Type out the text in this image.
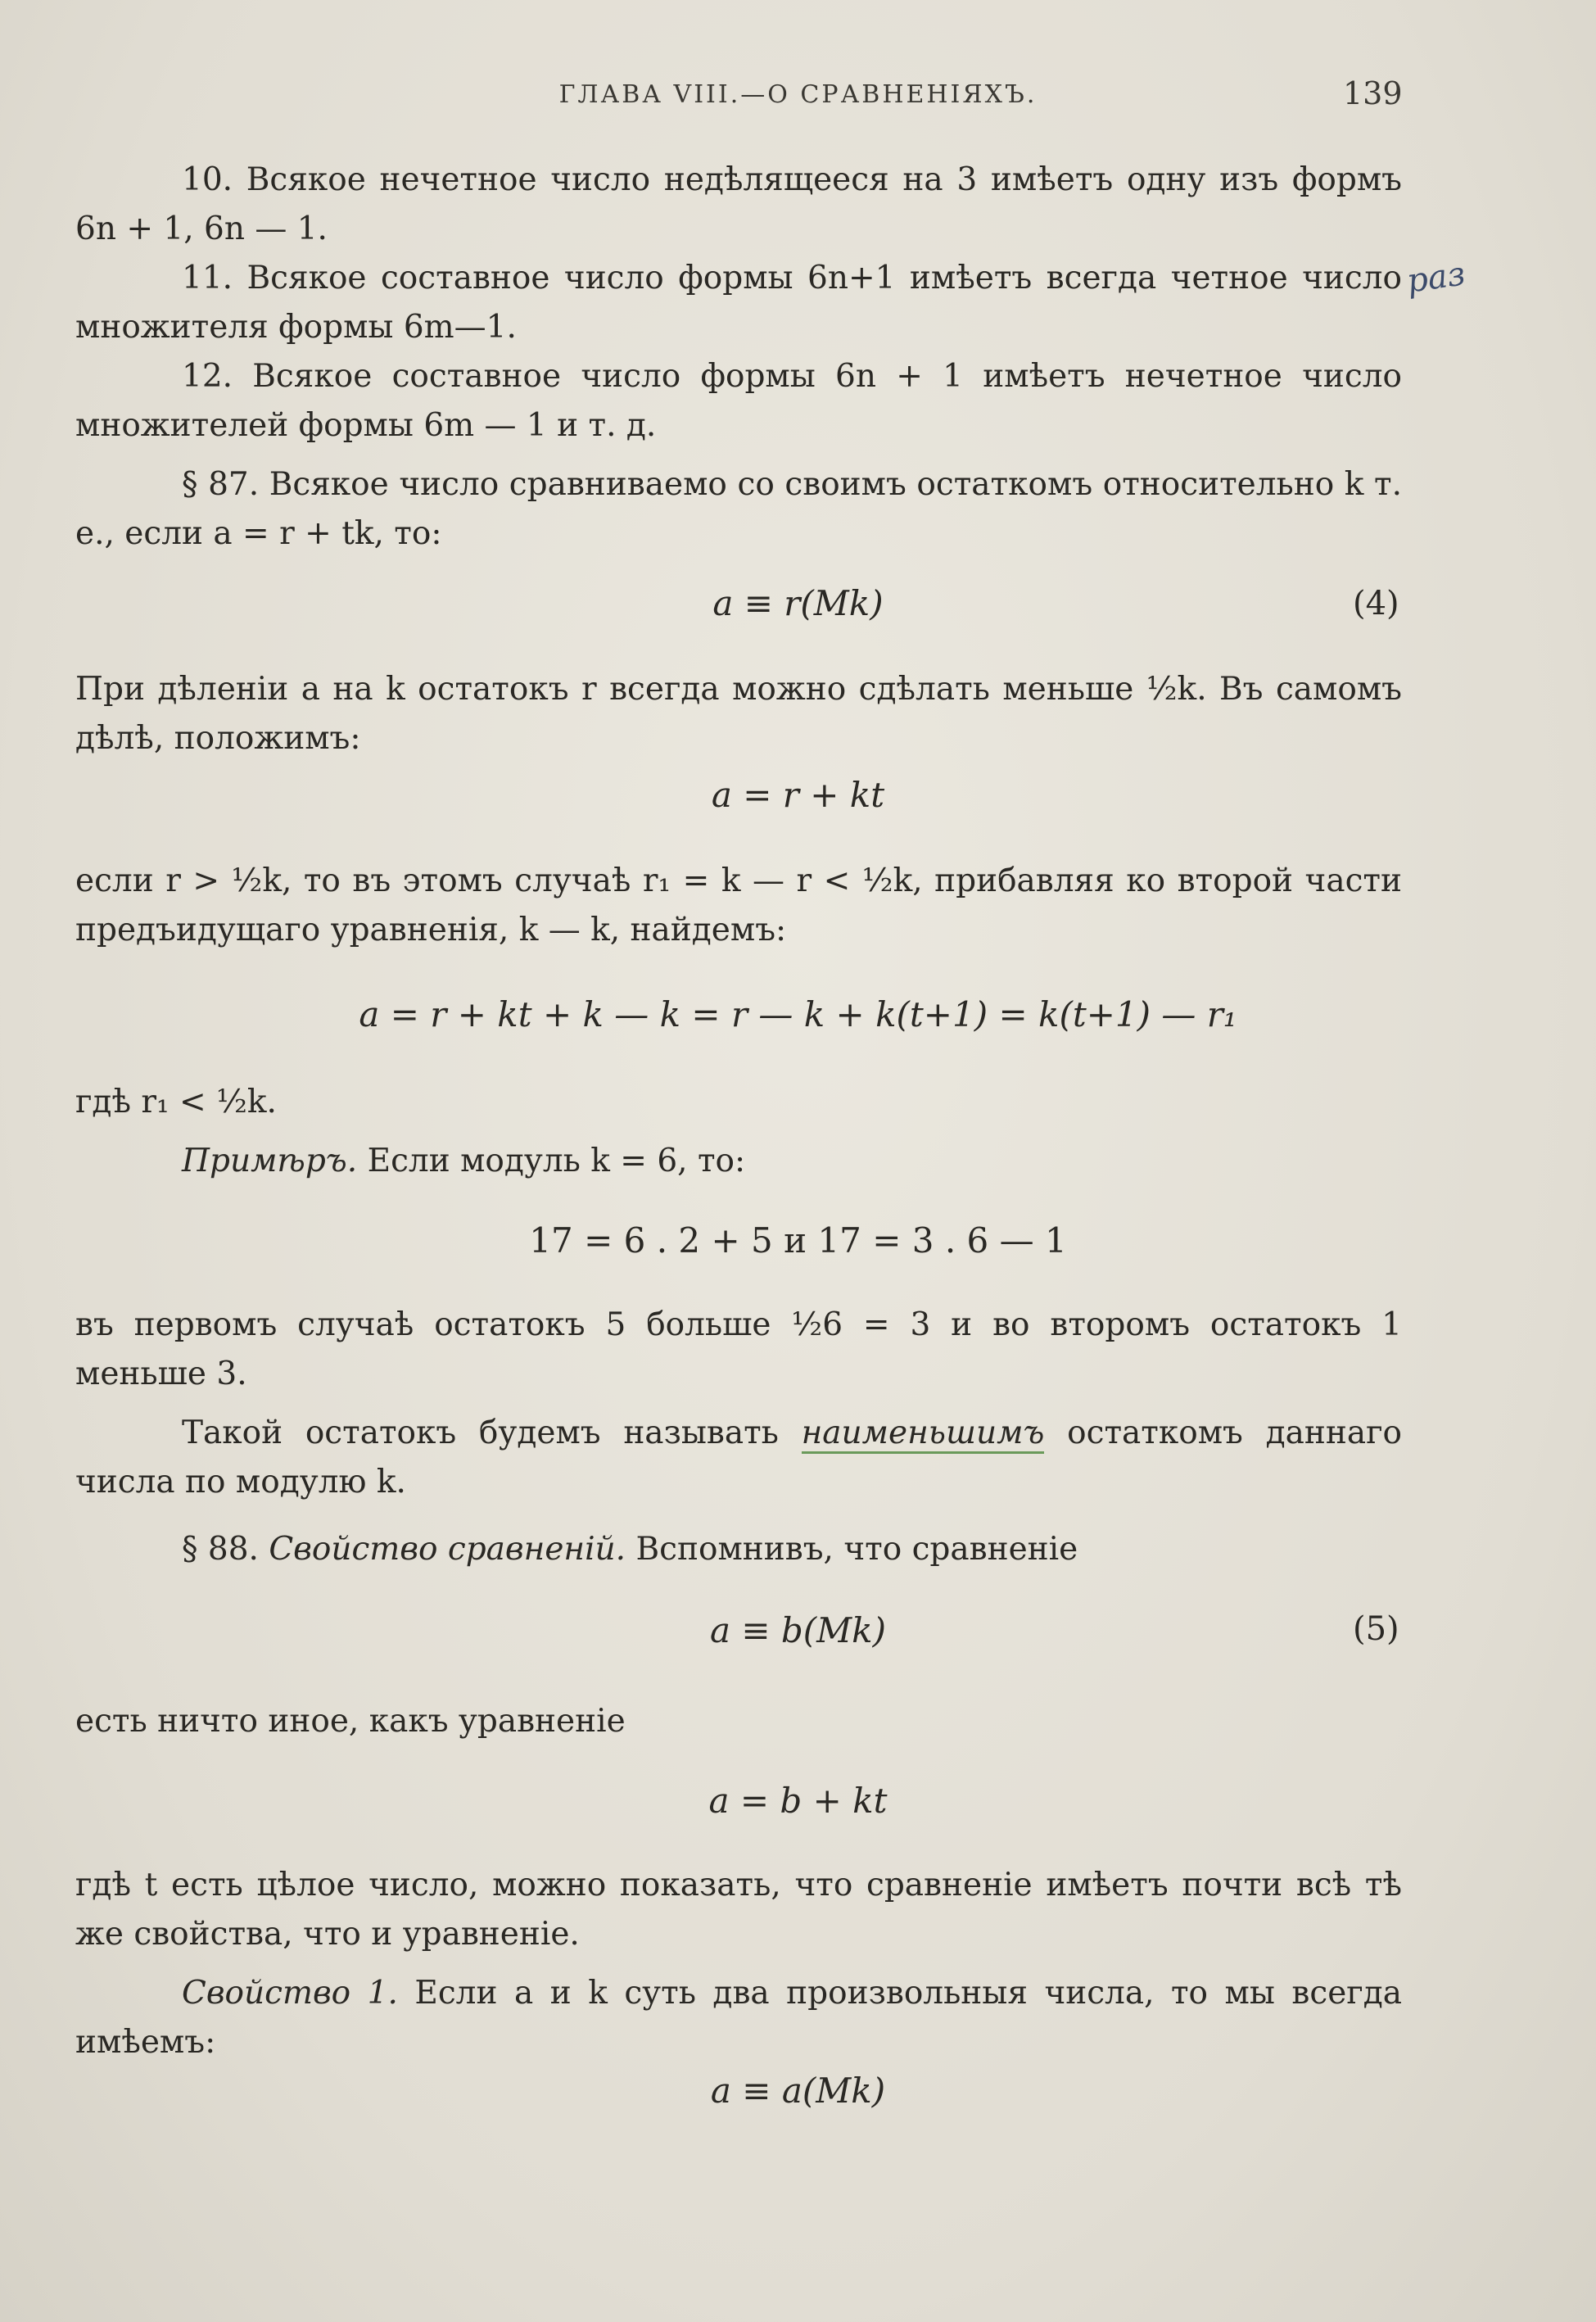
ГЛАВА VIII.—О СРАВНЕНІЯХЪ.	139
раз
10. Всякое нечетное число недѣлящееся на 3 имѣетъ одну изъ формъ 6n + 1, 6n — 1.
11. Всякое составное число формы 6n+1 имѣетъ всегда четное число множителя формы 6m—1.
12. Всякое составное число формы 6n + 1 имѣетъ нечетное число множителей формы 6m — 1 и т. д.
§ 87. Всякое число сравниваемо со своимъ остаткомъ относительно k т. е., если a = r + tk, то:
a ≡ r(Mk)	(4)
При дѣленіи a на k остатокъ r всегда можно сдѣлать меньше ½k. Въ самомъ дѣлѣ, положимъ:
a = r + kt
если r > ½k, то въ этомъ случаѣ r₁ = k — r < ½k, прибавляя ко второй части предъидущаго уравненія, k — k, найдемъ:
a = r + kt + k — k = r — k + k(t+1) = k(t+1) — r₁
гдѣ r₁ < ½k.
Примѣръ. Если модуль k = 6, то:
17 = 6 . 2 + 5 и 17 = 3 . 6 — 1
въ первомъ случаѣ остатокъ 5 больше ½6 = 3 и во второмъ остатокъ 1 меньше 3.
Такой остатокъ будемъ называть наименьшимъ остаткомъ даннаго числа по модулю k.
§ 88. Свойство сравненій. Вспомнивъ, что сравненіе
a ≡ b(Mk)	(5)
есть ничто иное, какъ уравненіе
a = b + kt
гдѣ t есть цѣлое число, можно показать, что сравненіе имѣетъ почти всѣ тѣ же свойства, что и уравненіе.
Свойство 1. Если a и k суть два произвольныя числа, то мы всегда имѣемъ:
a ≡ a(Mk)
